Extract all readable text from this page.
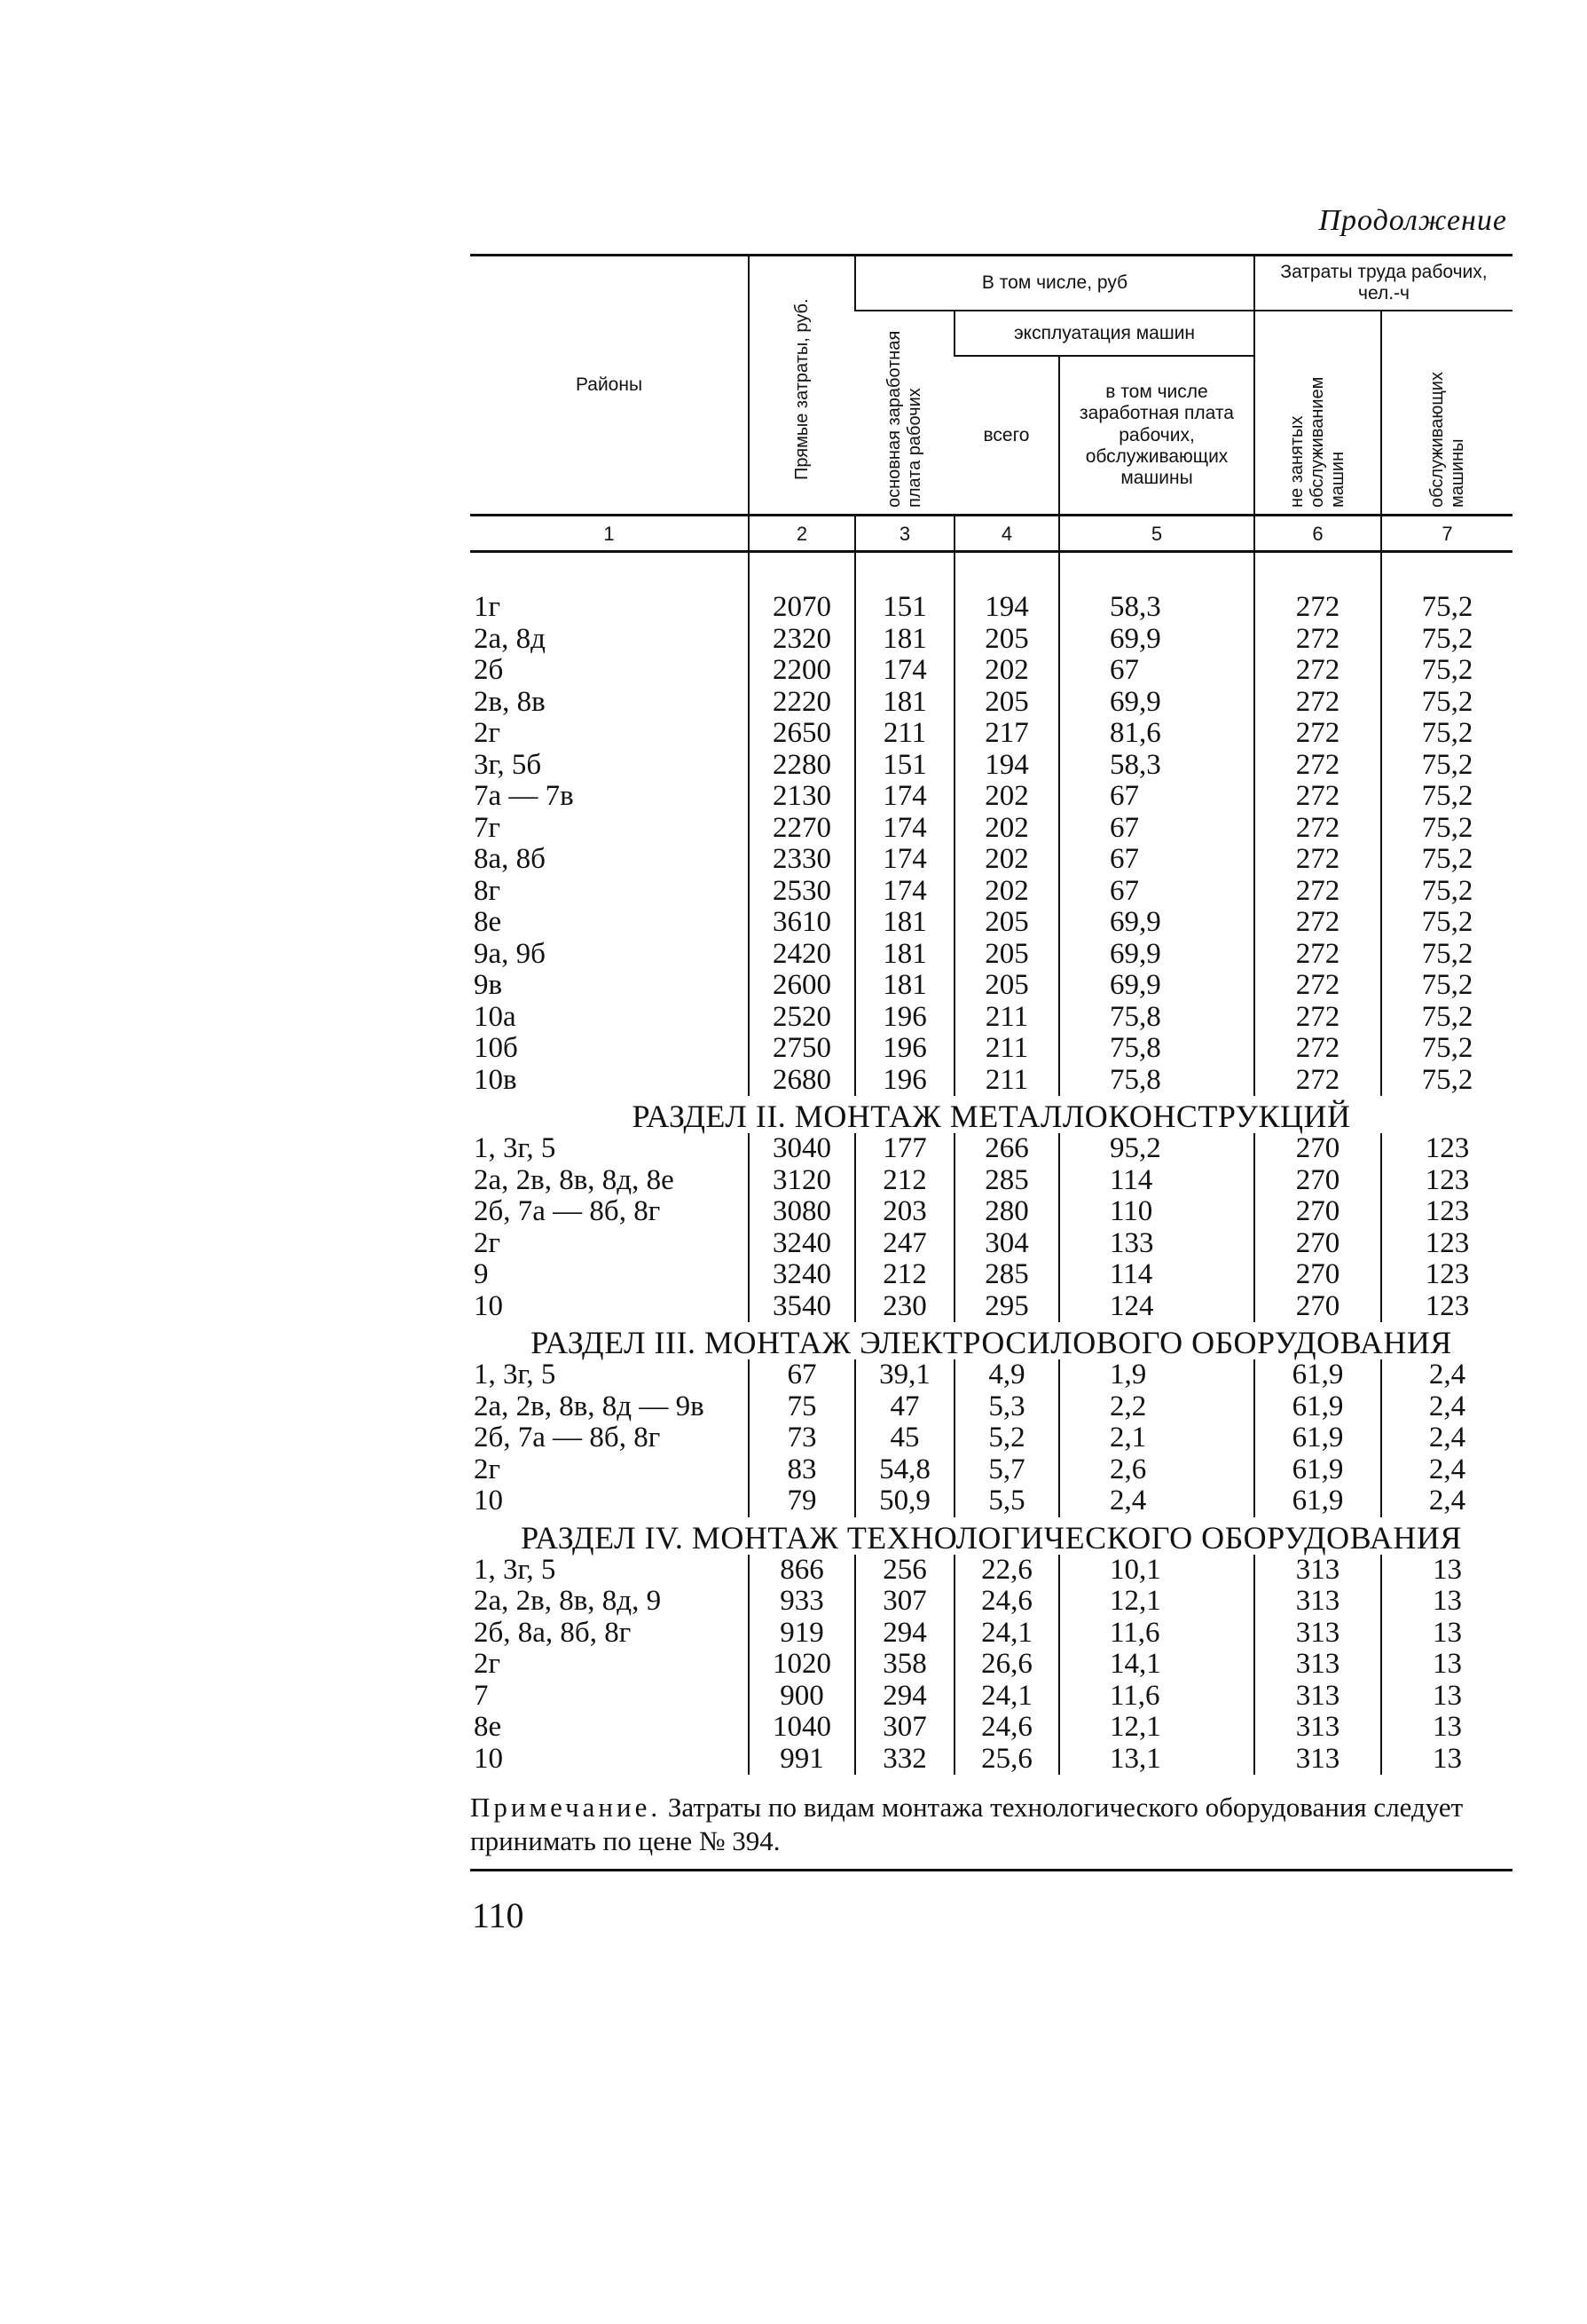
Продолжение
Районы	Прямые затраты, руб.	В том числе, руб			Затраты труда рабочих, чел.-ч	

		основная заработная плата рабочих	эксплуатация машин		не занятых обслуживанием машин	обслуживающих машины

			всего	в том числе заработная плата рабочих, обслуживающих машины		
1	2	3	4	5	6	7

1г	2070	151	194	58,3	272	75,2
2а, 8д	2320	181	205	69,9	272	75,2
2б	2200	174	202	67	272	75,2
2в, 8в	2220	181	205	69,9	272	75,2
2г	2650	211	217	81,6	272	75,2
3г, 5б	2280	151	194	58,3	272	75,2
7а — 7в	2130	174	202	67	272	75,2
7г	2270	174	202	67	272	75,2
8а, 8б	2330	174	202	67	272	75,2
8г	2530	174	202	67	272	75,2
8е	3610	181	205	69,9	272	75,2
9а, 9б	2420	181	205	69,9	272	75,2
9в	2600	181	205	69,9	272	75,2
10а	2520	196	211	75,8	272	75,2
10б	2750	196	211	75,8	272	75,2
10в	2680	196	211	75,8	272	75,2
РАЗДЕЛ II. МОНТАЖ МЕТАЛЛОКОНСТРУКЦИЙ						
1, 3г, 5	3040	177	266	95,2	270	123
2а, 2в, 8в, 8д, 8е	3120	212	285	114	270	123
2б, 7а — 8б, 8г	3080	203	280	110	270	123
2г	3240	247	304	133	270	123
9	3240	212	285	114	270	123
10	3540	230	295	124	270	123
РАЗДЕЛ III. МОНТАЖ ЭЛЕКТРОСИЛОВОГО ОБОРУДОВАНИЯ						
1, 3г, 5	67	39,1	4,9	1,9	61,9	2,4
2а, 2в, 8в, 8д — 9в	75	47	5,3	2,2	61,9	2,4
2б, 7а — 8б, 8г	73	45	5,2	2,1	61,9	2,4
2г	83	54,8	5,7	2,6	61,9	2,4
10	79	50,9	5,5	2,4	61,9	2,4
РАЗДЕЛ IV. МОНТАЖ ТЕХНОЛОГИЧЕСКОГО ОБОРУДОВАНИЯ						
1, 3г, 5	866	256	22,6	10,1	313	13
2а, 2в, 8в, 8д, 9	933	307	24,6	12,1	313	13
2б, 8а, 8б, 8г	919	294	24,1	11,6	313	13
2г	1020	358	26,6	14,1	313	13
7	900	294	24,1	11,6	313	13
8е	1040	307	24,6	12,1	313	13
10	991	332	25,6	13,1	313	13
Примечание. Затраты по видам монтажа технологического оборудования следует принимать по цене № 394.
110
